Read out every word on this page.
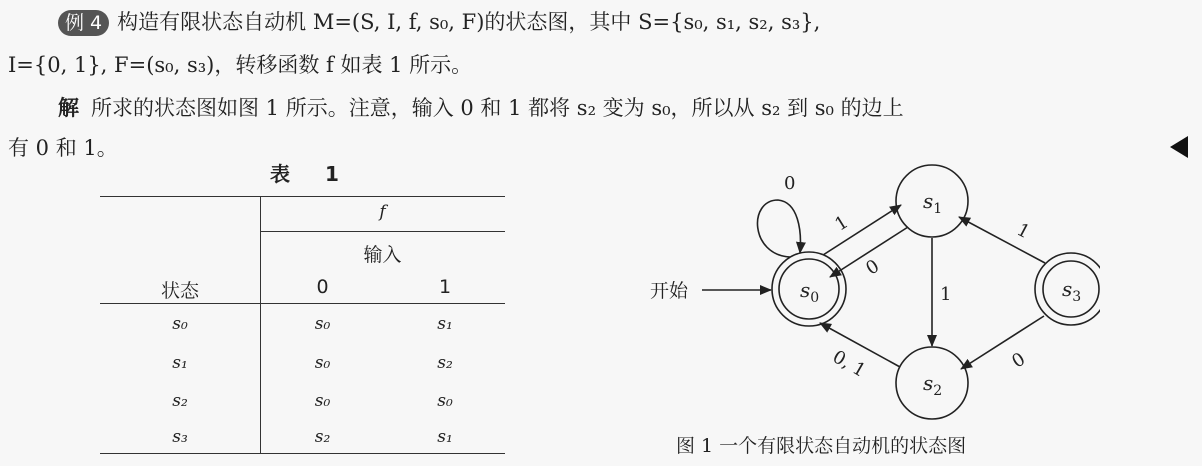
例 4 构造有限状态自动机 M=(S, I, f, s₀, F)的状态图，其中 S={s₀, s₁, s₂, s₃},
I={0, 1}, F=(s₀, s₃)，转移函数 f 如表 1 所示。
解 所求的状态图如图 1 所示。注意，输入 0 和 1 都将 s₂ 变为 s₀，所以从 s₂ 到 s₀ 的边上
有 0 和 1。
表 1
f
输入
状态	0	1
s₀	s₀	s₁
s₁	s₀	s₂
s₂	s₀	s₀
s₃	s₂	s₁
开始
0
1
0
1
1
0
0, 1
$s_0$
$s_1$
$s_2$
$s_3$
图 1 一个有限状态自动机的状态图
